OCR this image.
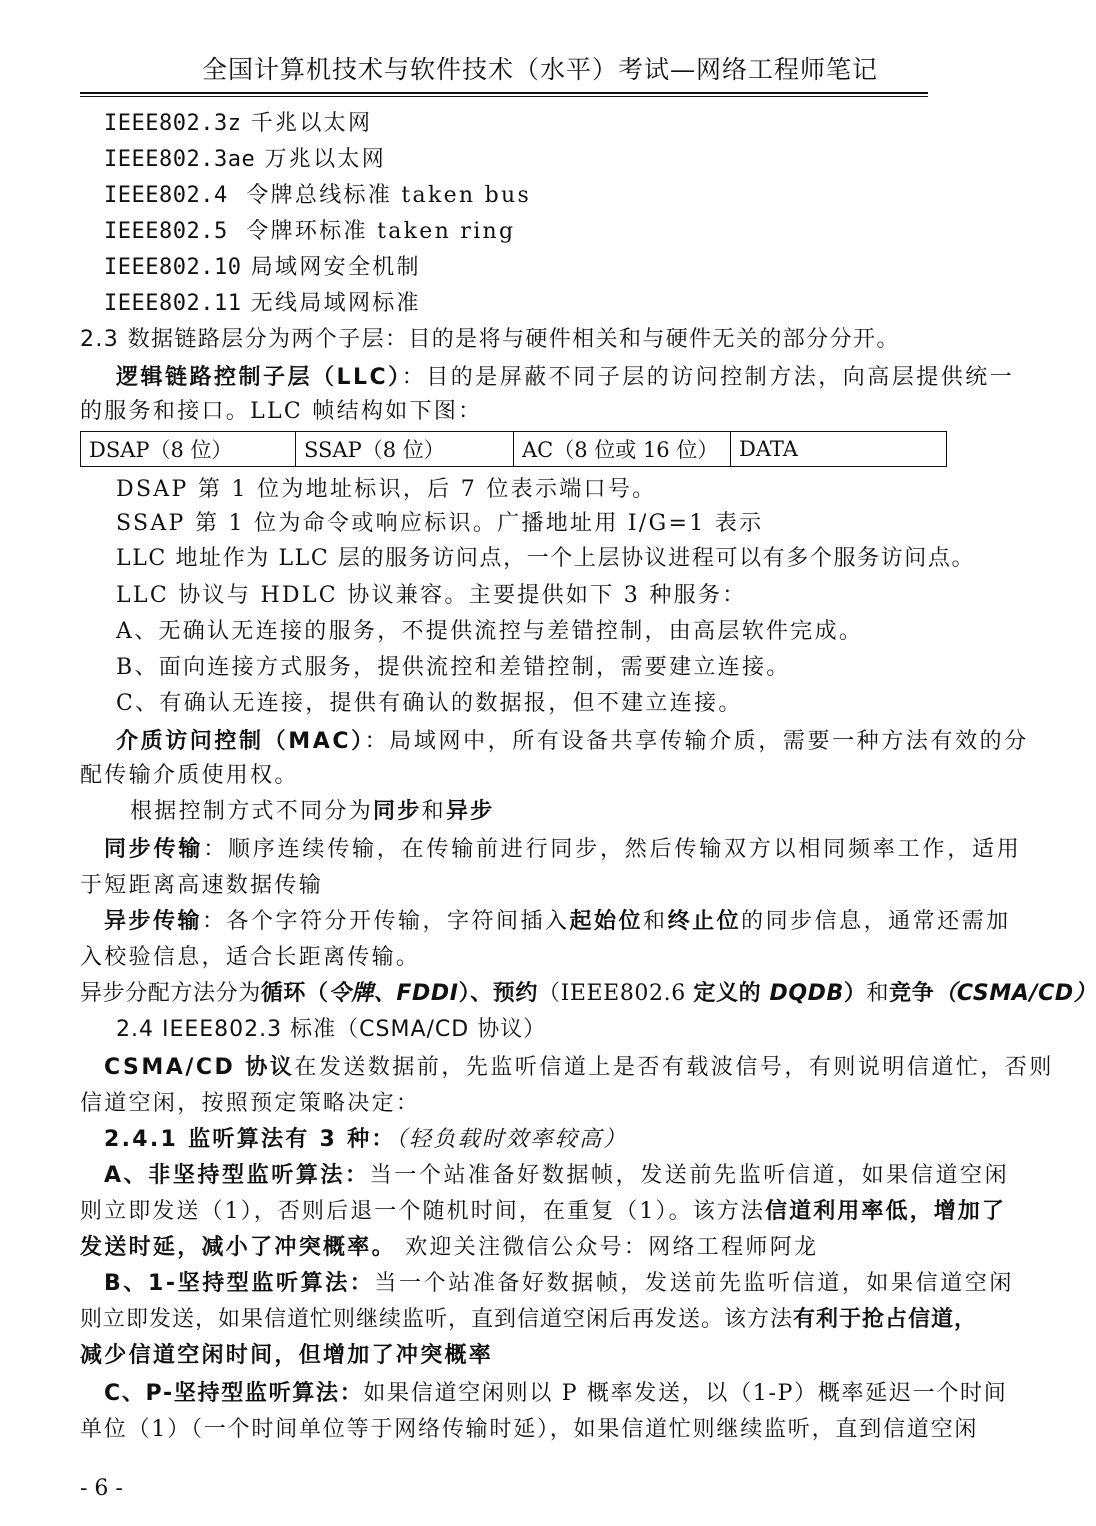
全国计算机技术与软件技术（水平）考试—网络工程师笔记
IEEE802.3z 千兆以太网
IEEE802.3ae 万兆以太网
IEEE802.4 令牌总线标准 taken bus
IEEE802.5 令牌环标准 taken ring
IEEE802.10 局域网安全机制
IEEE802.11 无线局域网标准
2.3 数据链路层分为两个子层：目的是将与硬件相关和与硬件无关的部分分开。
逻辑链路控制子层（LLC）：目的是屏蔽不同子层的访问控制方法，向高层提供统一
的服务和接口。LLC 帧结构如下图：
DSAP（8 位）	SSAP（8 位）	AC（8 位或 16 位）	DATA
DSAP 第 1 位为地址标识，后 7 位表示端口号。
SSAP 第 1 位为命令或响应标识。广播地址用 I/G=1 表示
LLC 地址作为 LLC 层的服务访问点，一个上层协议进程可以有多个服务访问点。
LLC 协议与 HDLC 协议兼容。主要提供如下 3 种服务：
A、无确认无连接的服务，不提供流控与差错控制，由高层软件完成。
B、面向连接方式服务，提供流控和差错控制，需要建立连接。
C、有确认无连接，提供有确认的数据报，但不建立连接。
介质访问控制（MAC）：局域网中，所有设备共享传输介质，需要一种方法有效的分
配传输介质使用权。
根据控制方式不同分为同步和异步
同步传输：顺序连续传输，在传输前进行同步，然后传输双方以相同频率工作，适用
于短距离高速数据传输
异步传输：各个字符分开传输，字符间插入起始位和终止位的同步信息，通常还需加
入校验信息，适合长距离传输。
异步分配方法分为循环（令牌、FDDI）、预约（IEEE802.6 定义的 DQDB）和竞争（CSMA/CD）
2.4 IEEE802.3 标准（CSMA/CD 协议）
CSMA/CD 协议在发送数据前，先监听信道上是否有载波信号，有则说明信道忙，否则
信道空闲，按照预定策略决定：
2.4.1 监听算法有 3 种：（轻负载时效率较高）
A、非坚持型监听算法：当一个站准备好数据帧，发送前先监听信道，如果信道空闲
则立即发送（1），否则后退一个随机时间，在重复（1）。该方法信道利用率低，增加了
发送时延，减小了冲突概率。 欢迎关注微信公众号：网络工程师阿龙
B、1-坚持型监听算法：当一个站准备好数据帧，发送前先监听信道，如果信道空闲
则立即发送，如果信道忙则继续监听，直到信道空闲后再发送。该方法有利于抢占信道，
减少信道空闲时间，但增加了冲突概率
C、P-坚持型监听算法：如果信道空闲则以 P 概率发送，以（1-P）概率延迟一个时间
单位（1）（一个时间单位等于网络传输时延），如果信道忙则继续监听，直到信道空闲
- 6 -
